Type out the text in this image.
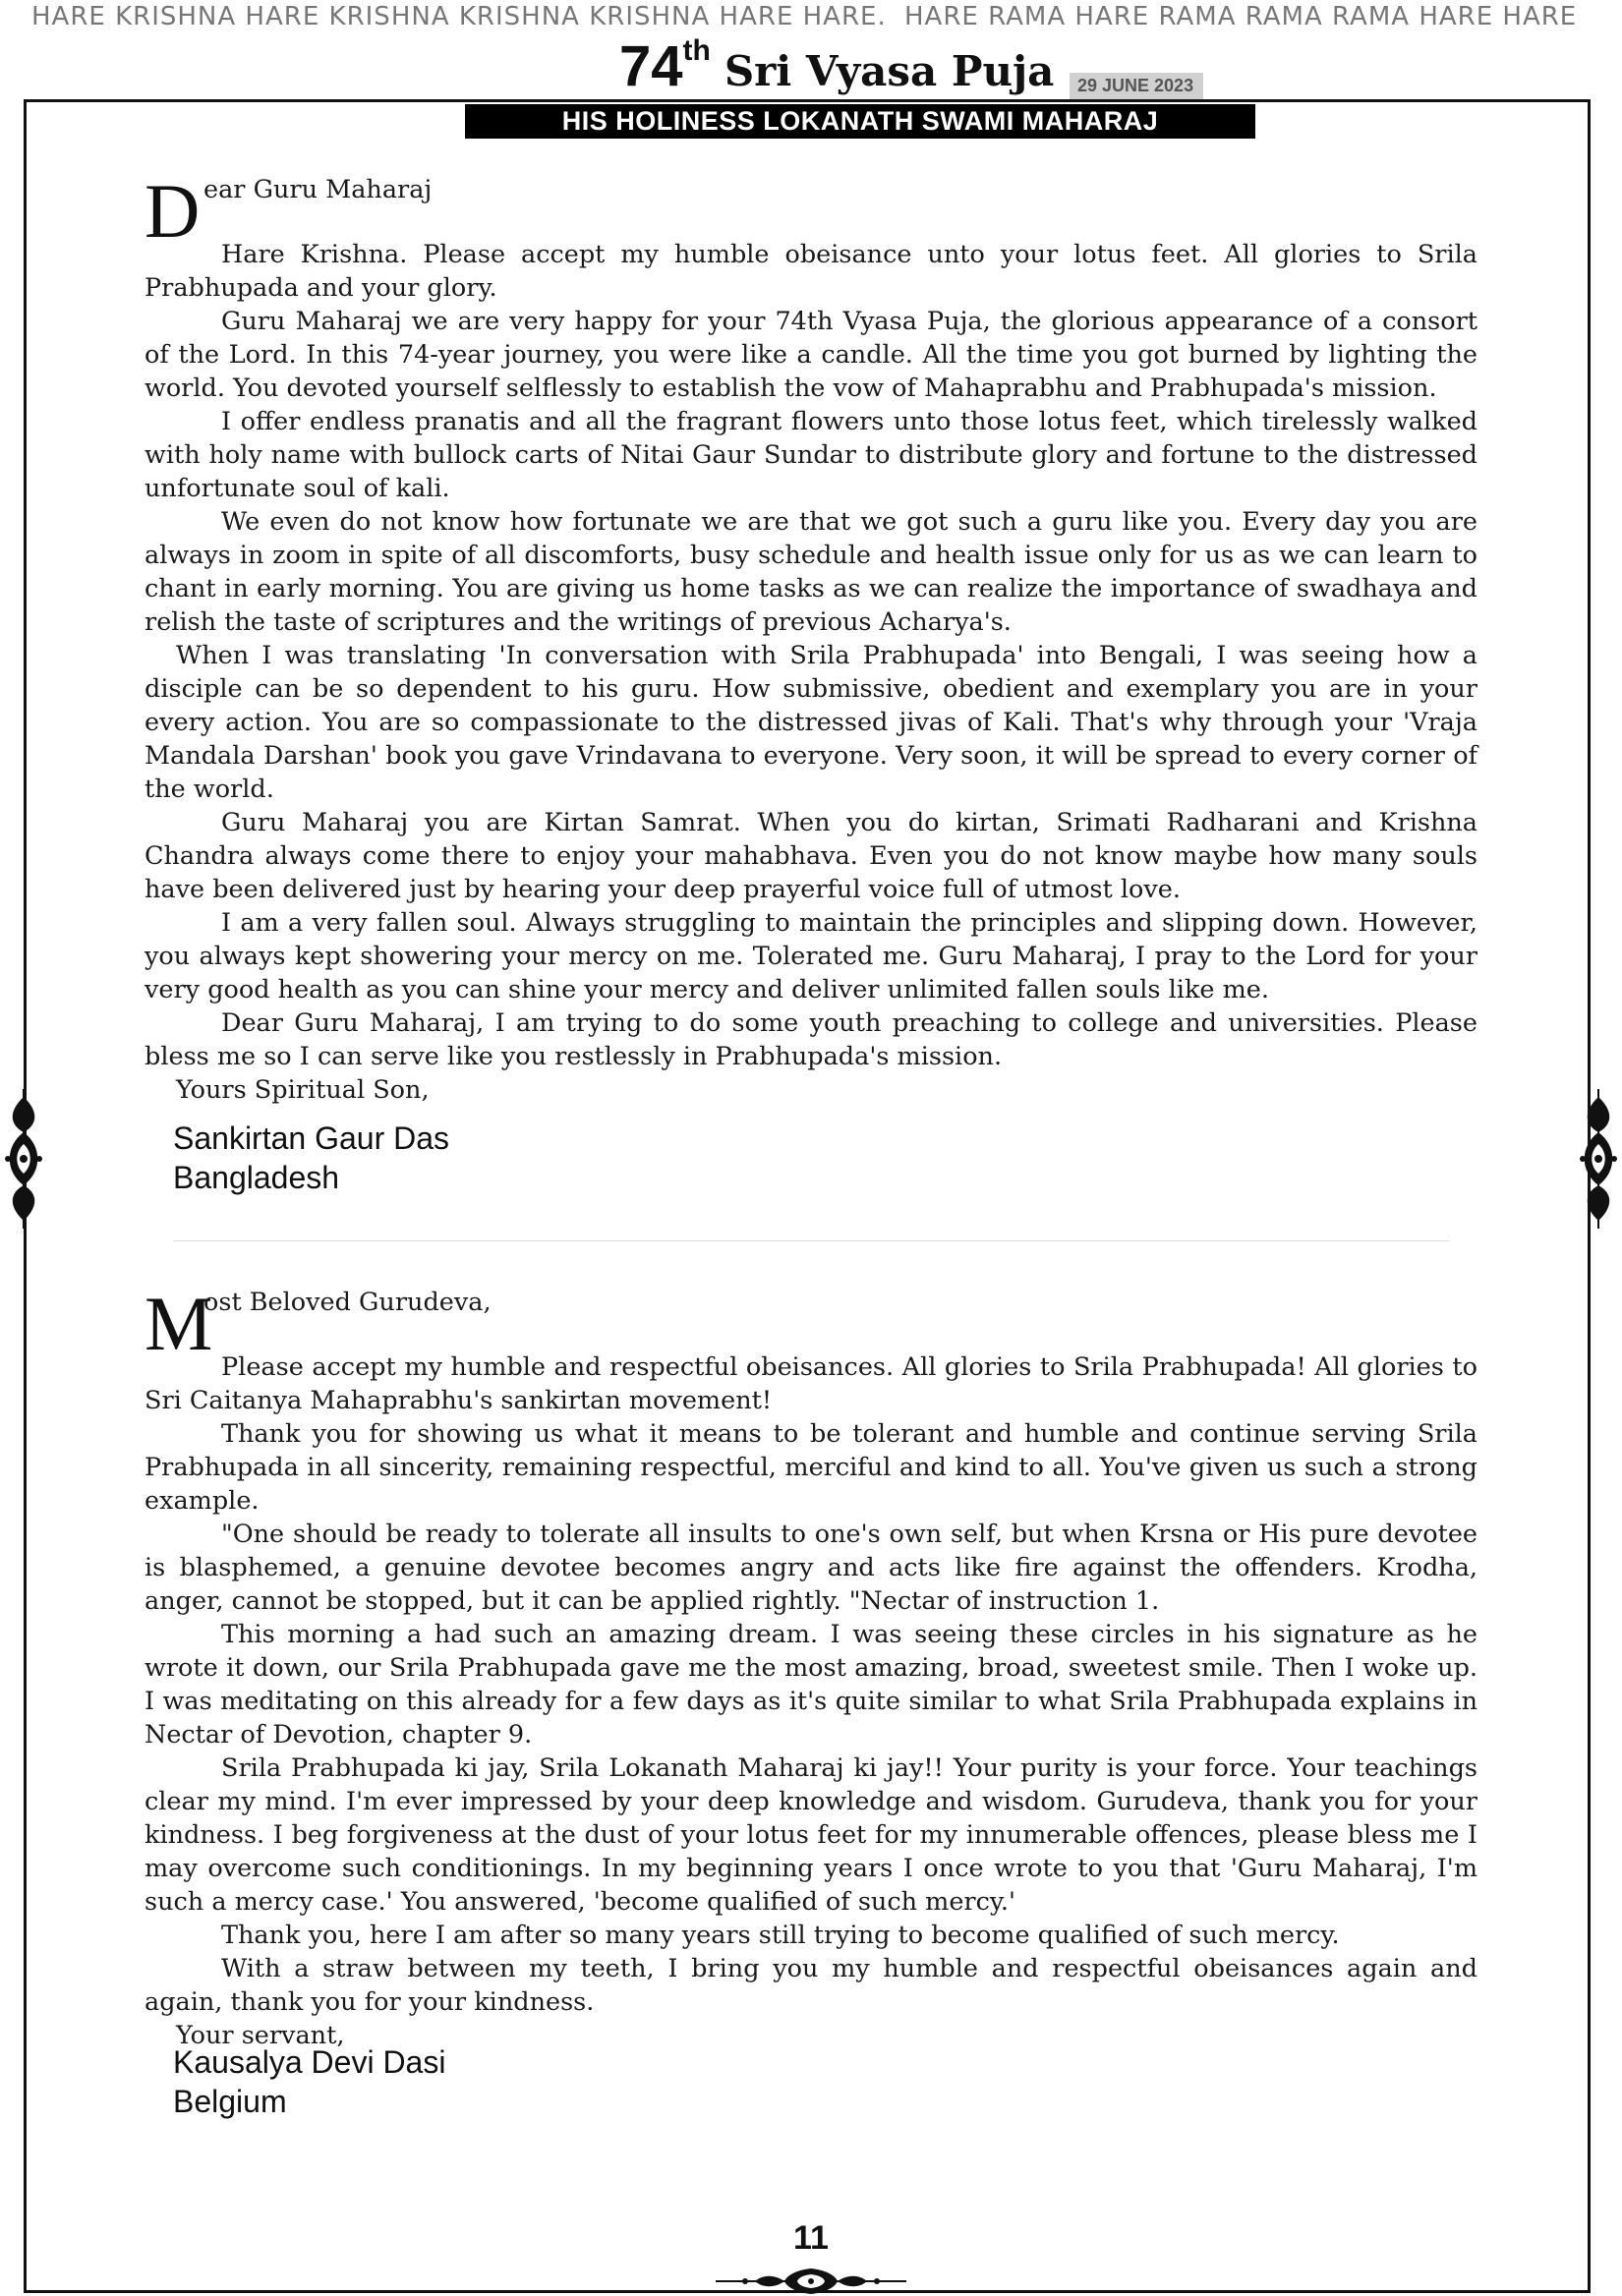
HARE KRISHNA HARE KRISHNA KRISHNA KRISHNA HARE HARE. HARE RAMA HARE RAMA RAMA RAMA HARE HARE
74th Sri Vyasa Puja	29 JUNE 2023
HIS HOLINESS LOKANATH SWAMI MAHARAJ
D ear Guru Maharaj

Hare Krishna. Please accept my humble obeisance unto your lotus feet. All glories to Srila Prabhupada and your glory.

Guru Maharaj we are very happy for your 74th Vyasa Puja, the glorious appearance of a consort of the Lord. In this 74-year journey, you were like a candle. All the time you got burned by lighting the world. You devoted yourself selflessly to establish the vow of Mahaprabhu and Prabhupada's mission.

I offer endless pranatis and all the fragrant flowers unto those lotus feet, which tirelessly walked with holy name with bullock carts of Nitai Gaur Sundar to distribute glory and fortune to the distressed unfortunate soul of kali.

We even do not know how fortunate we are that we got such a guru like you. Every day you are always in zoom in spite of all discomforts, busy schedule and health issue only for us as we can learn to chant in early morning. You are giving us home tasks as we can realize the importance of swadhaya and relish the taste of scriptures and the writings of previous Acharya's.

When I was translating 'In conversation with Srila Prabhupada' into Bengali, I was seeing how a disciple can be so dependent to his guru. How submissive, obedient and exemplary you are in your every action. You are so compassionate to the distressed jivas of Kali. That's why through your 'Vraja Mandala Darshan' book you gave Vrindavana to everyone. Very soon, it will be spread to every corner of the world.

Guru Maharaj you are Kirtan Samrat. When you do kirtan, Srimati Radharani and Krishna Chandra always come there to enjoy your mahabhava. Even you do not know maybe how many souls have been delivered just by hearing your deep prayerful voice full of utmost love.

I am a very fallen soul. Always struggling to maintain the principles and slipping down. However, you always kept showering your mercy on me. Tolerated me. Guru Maharaj, I pray to the Lord for your very good health as you can shine your mercy and deliver unlimited fallen souls like me.

Dear Guru Maharaj, I am trying to do some youth preaching to college and universities. Please bless me so I can serve like you restlessly in Prabhupada's mission.

Yours Spiritual Son,
Sankirtan Gaur Das
Bangladesh
M
ost Beloved Gurudeva,

Please accept my humble and respectful obeisances. All glories to Srila Prabhupada! All glories to Sri Caitanya Mahaprabhu's sankirtan movement!

Thank you for showing us what it means to be tolerant and humble and continue serving Srila Prabhupada in all sincerity, remaining respectful, merciful and kind to all. You've given us such a strong example.

"One should be ready to tolerate all insults to one's own self, but when Krsna or His pure devotee is blasphemed, a genuine devotee becomes angry and acts like fire against the offenders. Krodha, anger, cannot be stopped, but it can be applied rightly. "Nectar of instruction 1.

This morning a had such an amazing dream. I was seeing these circles in his signature as he wrote it down, our Srila Prabhupada gave me the most amazing, broad, sweetest smile. Then I woke up. I was meditating on this already for a few days as it's quite similar to what Srila Prabhupada explains in Nectar of Devotion, chapter 9.

Srila Prabhupada ki jay, Srila Lokanath Maharaj ki jay!! Your purity is your force. Your teachings clear my mind. I'm ever impressed by your deep knowledge and wisdom. Gurudeva, thank you for your kindness. I beg forgiveness at the dust of your lotus feet for my innumerable offences, please bless me I may overcome such conditionings. In my beginning years I once wrote to you that 'Guru Maharaj, I'm such a mercy case.' You answered, 'become qualified of such mercy.'

Thank you, here I am after so many years still trying to become qualified of such mercy.

With a straw between my teeth, I bring you my humble and respectful obeisances again and again, thank you for your kindness.

Your servant,
Kausalya Devi Dasi
Belgium
11
